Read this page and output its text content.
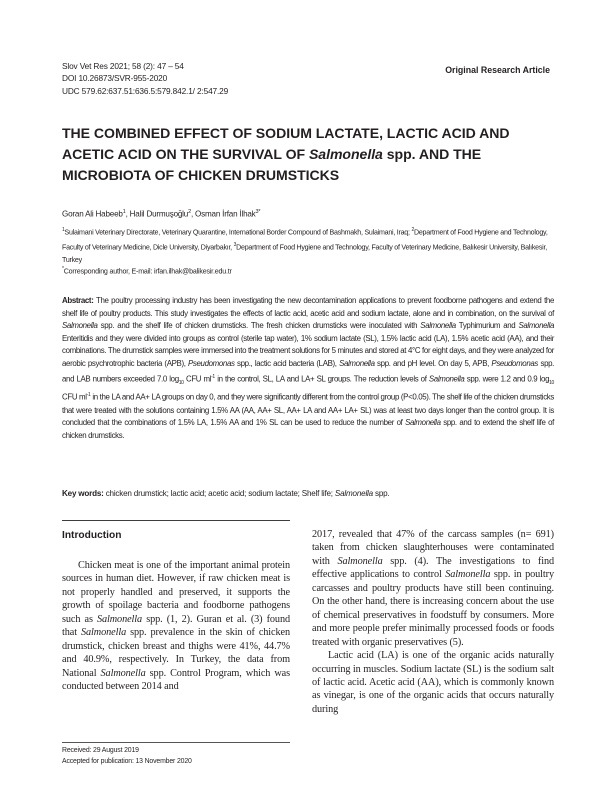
Slov Vet Res 2021; 58 (2): 47 – 54
DOI 10.26873/SVR-955-2020
UDC 579.62:637.51:636.5:579.842.1/ 2:547.29
Original Research Article
THE COMBINED EFFECT OF SODIUM LACTATE, LACTIC ACID AND ACETIC ACID ON THE SURVIVAL OF Salmonella spp. AND THE MICROBIOTA OF CHICKEN DRUMSTICKS
Goran Ali Habeeb$^1$, Halil Durmuşoğlu$^2$, Osman İrfan İlhak$^{3*}$
$^1$Sulaimani Veterinary Directorate, Veterinary Quarantine, International Border Compound of Bashmakh, Sulaimani, Iraq; $^2$Department of Food Hygiene and Technology, Faculty of Veterinary Medicine, Dicle University, Diyarbakır, $^3$Department of Food Hygiene and Technology, Faculty of Veterinary Medicine, Balıkesir University, Balıkesir, Turkey
*Corresponding author, E-mail: irfan.ilhak@balikesir.edu.tr
Abstract: The poultry processing industry has been investigating the new decontamination applications to prevent foodborne pathogens and extend the shelf life of poultry products. This study investigates the effects of lactic acid, acetic acid and sodium lactate, alone and in combination, on the survival of Salmonella spp. and the shelf life of chicken drumsticks. The fresh chicken drumsticks were inoculated with Salmonella Typhimurium and Salmonella Enteritidis and they were divided into groups as control (sterile tap water), 1% sodium lactate (SL), 1.5% lactic acid (LA), 1.5% acetic acid (AA), and their combinations. The drumstick samples were immersed into the treatment solutions for 5 minutes and stored at 4°C for eight days, and they were analyzed for aerobic psychrotrophic bacteria (APB), Pseudomonas spp., lactic acid bacteria (LAB), Salmonella spp. and pH level. On day 5, APB, Pseudomonas spp. and LAB numbers exceeded 7.0 $\log_{10}$ CFU $ml^{-1}$ in the control, SL, LA and LA+ SL groups. The reduction levels of Salmonella spp. were 1.2 and 0.9 $\log_{10}$ CFU $ml^{-1}$ in the LA and AA+ LA groups on day 0, and they were significantly different from the control group (P<0.05). The shelf life of the chicken drumsticks that were treated with the solutions containing 1.5% AA (AA, AA+ SL, AA+ LA and AA+ LA+ SL) was at least two days longer than the control group. It is concluded that the combinations of 1.5% LA, 1.5% AA and 1% SL can be used to reduce the number of Salmonella spp. and to extend the shelf life of chicken drumsticks.
Key words: chicken drumstick; lactic acid; acetic acid; sodium lactate; Shelf life; Salmonella spp.
Introduction

Chicken meat is one of the important animal protein sources in human diet. However, if raw chicken meat is not properly handled and preserved, it supports the growth of spoilage bacteria and foodborne pathogens such as Salmonella spp. (1, 2). Guran et al. (3) found that Salmonella spp. prevalence in the skin of chicken drumstick, chicken breast and thighs were 41%, 44.7% and 40.9%, respectively. In Turkey, the data from National Salmonella spp. Control Program, which was conducted between 2014 and

2017, revealed that 47% of the carcass samples (n= 691) taken from chicken slaughterhouses were contaminated with Salmonella spp. (4). The investigations to find effective applications to control Salmonella spp. in poultry carcasses and poultry products have still been continuing. On the other hand, there is increasing concern about the use of chemical preservatives in foodstuff by consumers. More and more people prefer minimally processed foods or foods treated with organic preservatives (5).

Lactic acid (LA) is one of the organic acids naturally occurring in muscles. Sodium lactate (SL) is the sodium salt of lactic acid. Acetic acid (AA), which is commonly known as vinegar, is one of the organic acids that occurs naturally during

Received: 29 August 2019
Accepted for publication: 13 November 2020
